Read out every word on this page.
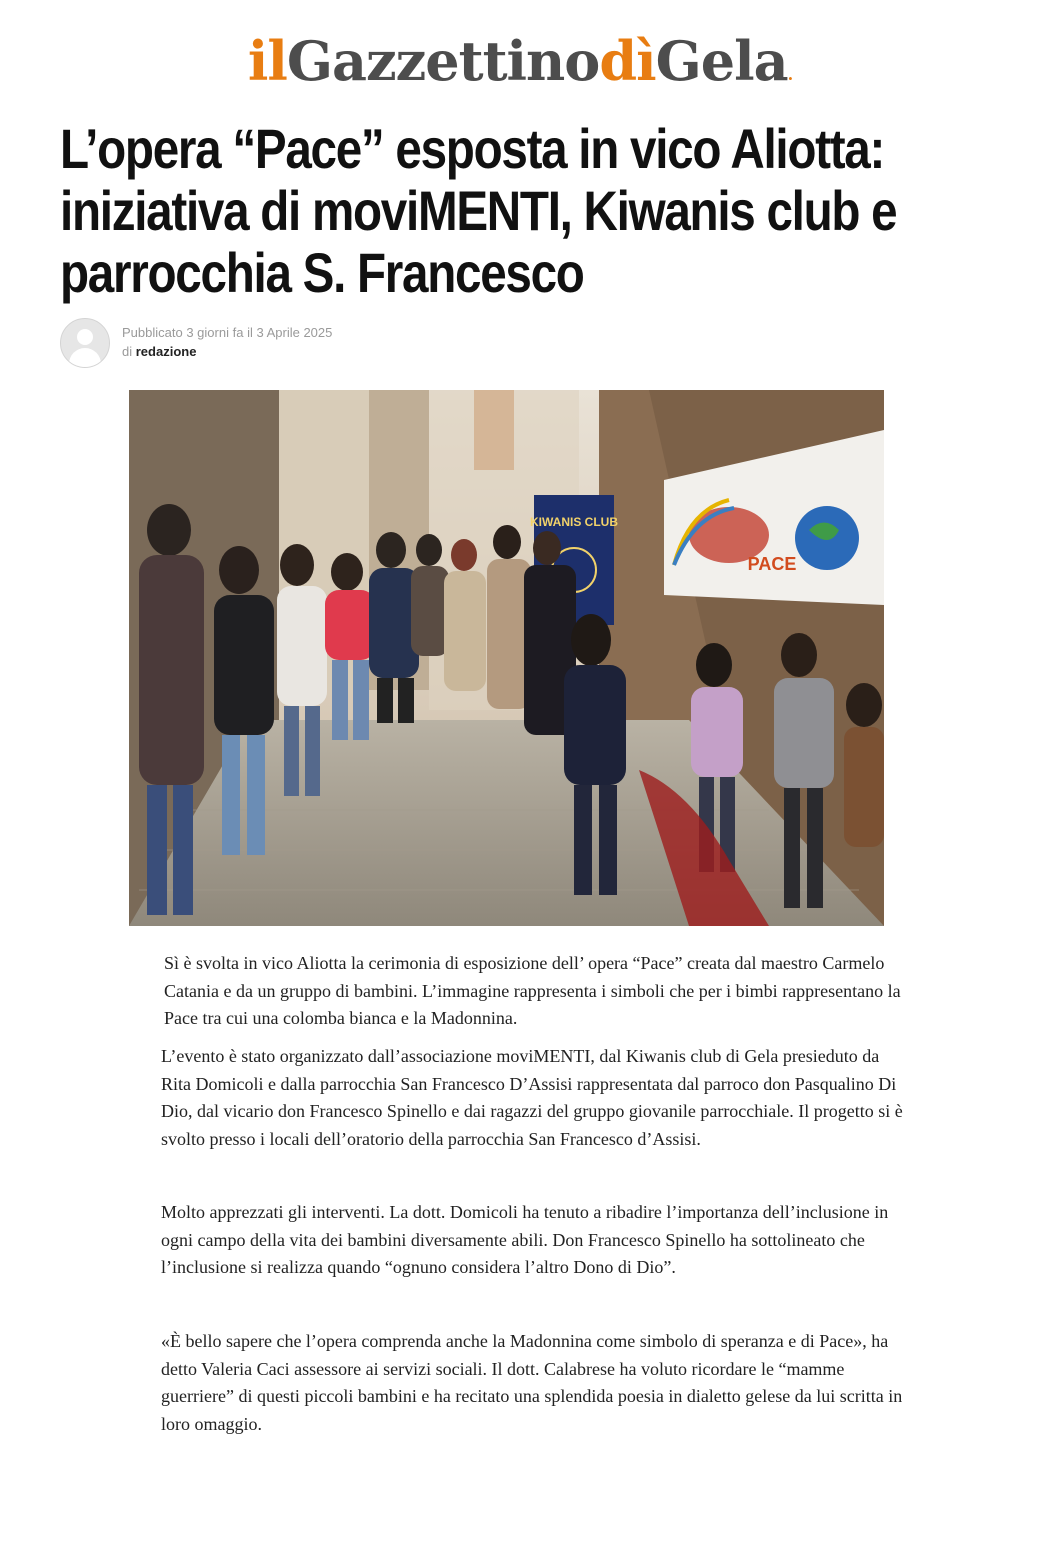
ilGazzettinodìGela.
L’opera “Pace” esposta in vico Aliotta: iniziativa di moviMENTI, Kiwanis club e parrocchia S. Francesco
Pubblicato 3 giorni fa il 3 Aprile 2025
di redazione
KIWANIS CLUB
PACE

Sì è svolta in vico Aliotta la cerimonia di esposizione dell’ opera “Pace” creata dal maestro Carmelo Catania e da un gruppo di bambini. L’immagine rappresenta i simboli che per i bimbi rappresentano la Pace tra cui una colomba bianca e la Madonnina.

L’evento è stato organizzato dall’associazione moviMENTI, dal Kiwanis club di Gela presieduto da Rita Domicoli e dalla parrocchia San Francesco D’Assisi rappresentata dal parroco don Pasqualino Di Dio, dal vicario don Francesco Spinello e dai ragazzi del gruppo giovanile parrocchiale. Il progetto si è svolto presso i locali dell’oratorio della parrocchia San Francesco d’Assisi.

Molto apprezzati gli interventi. La dott. Domicoli ha tenuto a ribadire l’importanza dell’inclusione in ogni campo della vita dei bambini diversamente abili. Don Francesco Spinello ha sottolineato che l’inclusione si realizza quando “ognuno considera l’altro Dono di Dio”.

«È bello sapere che l’opera comprenda anche la Madonnina come simbolo di speranza e di Pace», ha detto Valeria Caci assessore ai servizi sociali. Il dott. Calabrese ha voluto ricordare le “mamme guerriere” di questi piccoli bambini e ha recitato una splendida poesia in dialetto gelese da lui scritta in loro omaggio.
